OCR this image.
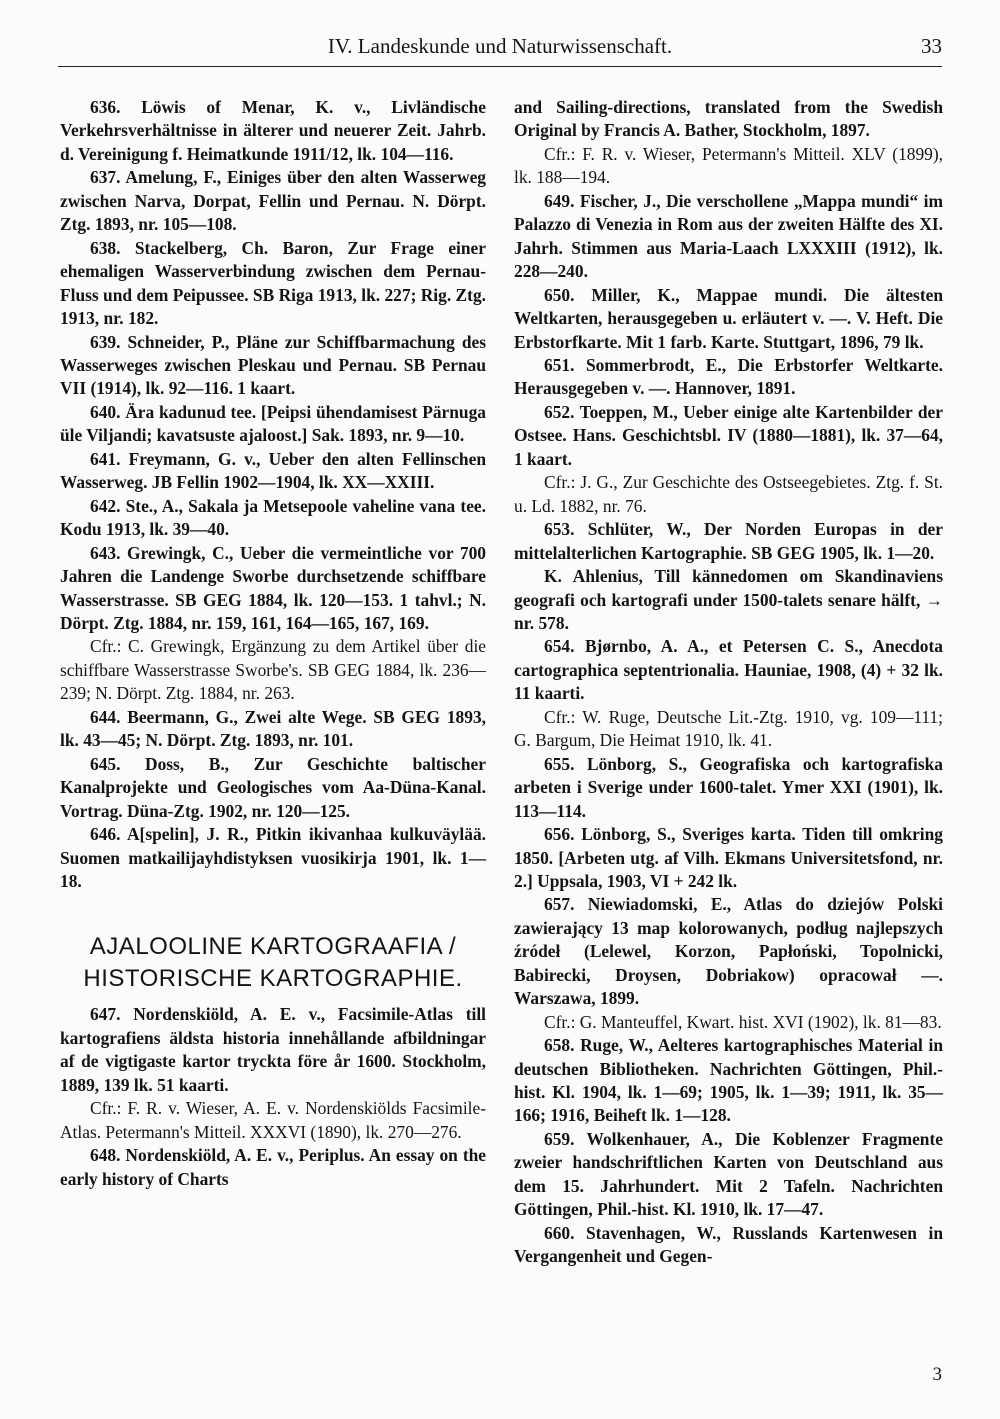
IV. Landeskunde und Naturwissenschaft.	33

636. Löwis of Menar, K. v., Livländische Verkehrsverhältnisse in älterer und neuerer Zeit. Jahrb. d. Vereinigung f. Heimatkunde 1911/12, lk. 104—116.

637. Amelung, F., Einiges über den alten Wasserweg zwischen Narva, Dorpat, Fellin und Pernau. N. Dörpt. Ztg. 1893, nr. 105—108.

638. Stackelberg, Ch. Baron, Zur Frage einer ehemaligen Wasserverbindung zwischen dem Pernau-Fluss und dem Peipussee. SB Riga 1913, lk. 227; Rig. Ztg. 1913, nr. 182.

639. Schneider, P., Pläne zur Schiffbarmachung des Wasserweges zwischen Pleskau und Pernau. SB Pernau VII (1914), lk. 92—116. 1 kaart.

640. Ära kadunud tee. [Peipsi ühendamisest Pärnuga üle Viljandi; kavatsuste ajaloost.] Sak. 1893, nr. 9—10.

641. Freymann, G. v., Ueber den alten Fellinschen Wasserweg. JB Fellin 1902—1904, lk. XX—XXIII.

642. Ste., A., Sakala ja Metsepoole vaheline vana tee. Kodu 1913, lk. 39—40.

643. Grewingk, C., Ueber die vermeintliche vor 700 Jahren die Landenge Sworbe durchsetzende schiffbare Wasserstrasse. SB GEG 1884, lk. 120—153. 1 tahvl.; N. Dörpt. Ztg. 1884, nr. 159, 161, 164—165, 167, 169.

Cfr.: C. Grewingk, Ergänzung zu dem Artikel über die schiffbare Wasserstrasse Sworbe's. SB GEG 1884, lk. 236—239; N. Dörpt. Ztg. 1884, nr. 263.

644. Beermann, G., Zwei alte Wege. SB GEG 1893, lk. 43—45; N. Dörpt. Ztg. 1893, nr. 101.

645. Doss, B., Zur Geschichte baltischer Kanalprojekte und Geologisches vom Aa-Düna-Kanal. Vortrag. Düna-Ztg. 1902, nr. 120—125.

646. A[spelin], J. R., Pitkin ikivanhaa kulkuväylää. Suomen matkailijayhdistyksen vuosikirja 1901, lk. 1—18.

AJALOOLINE KARTOGRAAFIA / HISTORISCHE KARTOGRAPHIE.

647. Nordenskiöld, A. E. v., Facsimile-Atlas till kartografiens äldsta historia innehållande afbildningar af de vigtigaste kartor tryckta före år 1600. Stockholm, 1889, 139 lk. 51 kaarti.

Cfr.: F. R. v. Wieser, A. E. v. Nordenskiölds Facsimile-Atlas. Petermann's Mitteil. XXXVI (1890), lk. 270—276.

648. Nordenskiöld, A. E. v., Periplus. An essay on the early history of Charts

and Sailing-directions, translated from the Swedish Original by Francis A. Bather, Stockholm, 1897.

Cfr.: F. R. v. Wieser, Petermann's Mitteil. XLV (1899), lk. 188—194.

649. Fischer, J., Die verschollene „Mappa mundi“ im Palazzo di Venezia in Rom aus der zweiten Hälfte des XI. Jahrh. Stimmen aus Maria-Laach LXXXIII (1912), lk. 228—240.

650. Miller, K., Mappae mundi. Die ältesten Weltkarten, herausgegeben u. erläutert v. —. V. Heft. Die Erbstorfkarte. Mit 1 farb. Karte. Stuttgart, 1896, 79 lk.

651. Sommerbrodt, E., Die Erbstorfer Weltkarte. Herausgegeben v. —. Hannover, 1891.

652. Toeppen, M., Ueber einige alte Kartenbilder der Ostsee. Hans. Geschichtsbl. IV (1880—1881), lk. 37—64, 1 kaart.

Cfr.: J. G., Zur Geschichte des Ostseegebietes. Ztg. f. St. u. Ld. 1882, nr. 76.

653. Schlüter, W., Der Norden Europas in der mittelalterlichen Kartographie. SB GEG 1905, lk. 1—20.

K. Ahlenius, Till kännedomen om Skandinaviens geografi och kartografi under 1500-talets senare hälft, → nr. 578.

654. Bjørnbo, A. A., et Petersen C. S., Anecdota cartographica septentrionalia. Hauniae, 1908, (4) + 32 lk. 11 kaarti.

Cfr.: W. Ruge, Deutsche Lit.-Ztg. 1910, vg. 109—111; G. Bargum, Die Heimat 1910, lk. 41.

655. Lönborg, S., Geografiska och kartografiska arbeten i Sverige under 1600-talet. Ymer XXI (1901), lk. 113—114.

656. Lönborg, S., Sveriges karta. Tiden till omkring 1850. [Arbeten utg. af Vilh. Ekmans Universitetsfond, nr. 2.] Uppsala, 1903, VI + 242 lk.

657. Niewiadomski, E., Atlas do dziejów Polski zawierający 13 map kolorowanych, podług najlepszych źródeł (Lelewel, Korzon, Papłoński, Topolnicki, Babirecki, Droysen, Dobriakow) opracował —. Warszawa, 1899.

Cfr.: G. Manteuffel, Kwart. hist. XVI (1902), lk. 81—83.

658. Ruge, W., Aelteres kartographisches Material in deutschen Bibliotheken. Nachrichten Göttingen, Phil.-hist. Kl. 1904, lk. 1—69; 1905, lk. 1—39; 1911, lk. 35—166; 1916, Beiheft lk. 1—128.

659. Wolkenhauer, A., Die Koblenzer Fragmente zweier handschriftlichen Karten von Deutschland aus dem 15. Jahrhundert. Mit 2 Tafeln. Nachrichten Göttingen, Phil.-hist. Kl. 1910, lk. 17—47.

660. Stavenhagen, W., Russlands Kartenwesen in Vergangenheit und Gegen-

3
